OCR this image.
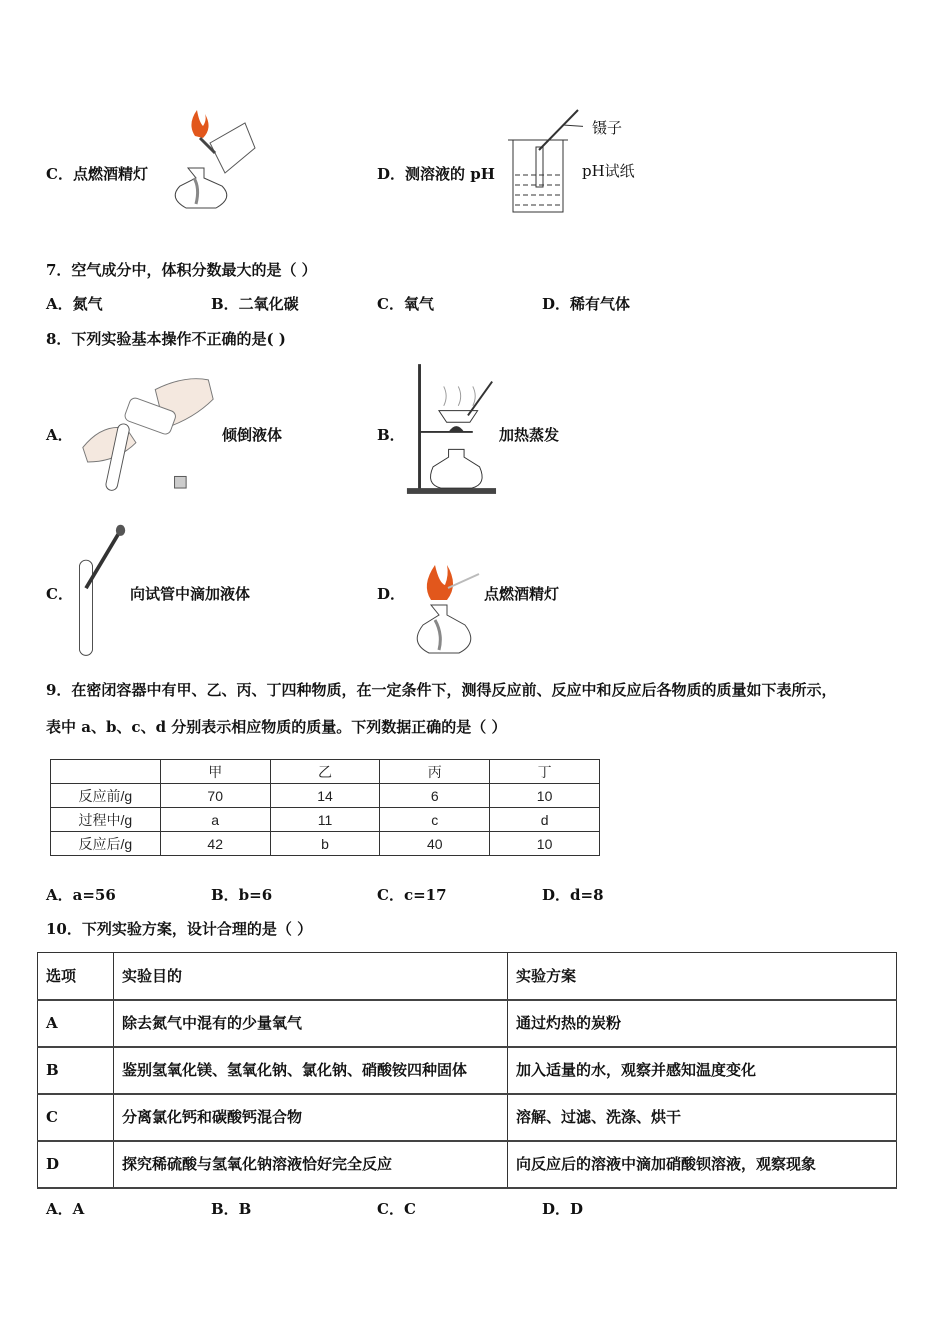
C．点燃酒精灯	D．测溶液的 pH
镊子
pH试纸
7．空气成分中，体积分数最大的是（ ）
A．氮气	B．二氧化碳	C．氧气	D．稀有气体
8．下列实验基本操作不正确的是( )
A．	倾倒液体	B．	加热蒸发
C．	向试管中滴加液体	D．	点燃酒精灯
9．在密闭容器中有甲、乙、丙、丁四种物质，在一定条件下，测得反应前、反应中和反应后各物质的质量如下表所示，
表中 a、b、c、d 分别表示相应物质的质量。下列数据正确的是（ ）
	甲	乙	丙	丁
反应前/g	70	14	6	10
过程中/g	a	11	c	d
反应后/g	42	b	40	10
A．a=56	B．b=6	C．c=17	D．d=8
10．下列实验方案，设计合理的是（ ）
选项	实验目的	实验方案
A	除去氮气中混有的少量氧气	通过灼热的炭粉
B	鉴别氢氧化镁、氢氧化钠、氯化钠、硝酸铵四种固体	加入适量的水，观察并感知温度变化
C	分离氯化钙和碳酸钙混合物	溶解、过滤、洗涤、烘干
D	探究稀硫酸与氢氧化钠溶液恰好完全反应	向反应后的溶液中滴加硝酸钡溶液，观察现象
A．A	B．B	C．C	D．D
